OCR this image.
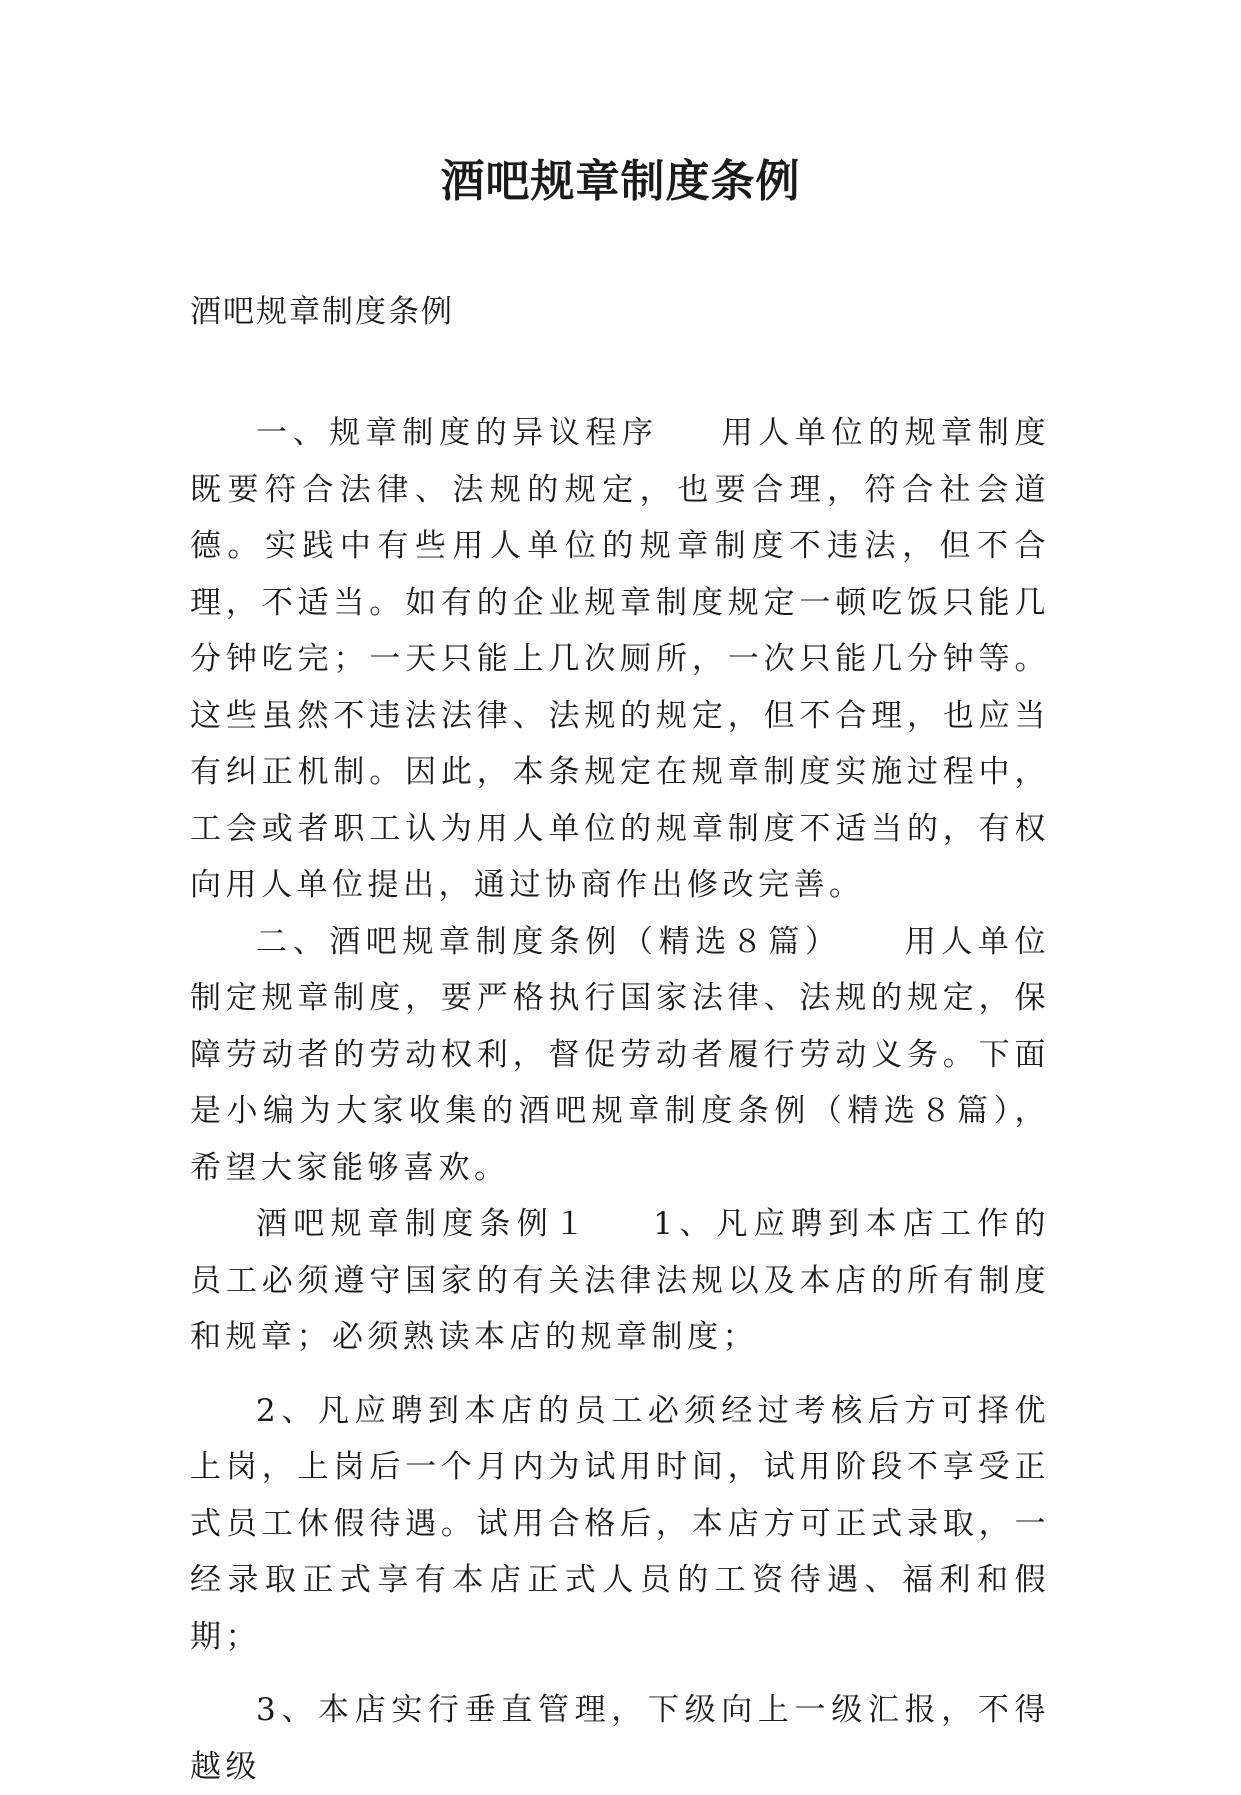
酒吧规章制度条例

酒吧规章制度条例

一、规章制度的异议程序 用人单位的规章制度既要符合法律、法规的规定，也要合理，符合社会道德。实践中有些用人单位的规章制度不违法，但不合理，不适当。如有的企业规章制度规定一顿吃饭只能几分钟吃完；一天只能上几次厕所，一次只能几分钟等。这些虽然不违法法律、法规的规定，但不合理，也应当有纠正机制。因此，本条规定在规章制度实施过程中，工会或者职工认为用人单位的规章制度不适当的，有权向用人单位提出，通过协商作出修改完善。

二、酒吧规章制度条例（精选８篇） 用人单位制定规章制度，要严格执行国家法律、法规的规定，保障劳动者的劳动权利，督促劳动者履行劳动义务。下面是小编为大家收集的酒吧规章制度条例（精选８篇），希望大家能够喜欢。

酒吧规章制度条例１ 1、凡应聘到本店工作的员工必须遵守国家的有关法律法规以及本店的所有制度和规章；必须熟读本店的规章制度；

2、凡应聘到本店的员工必须经过考核后方可择优上岗，上岗后一个月内为试用时间，试用阶段不享受正式员工休假待遇。试用合格后，本店方可正式录取，一经录取正式享有本店正式人员的工资待遇、福利和假期；

3、本店实行垂直管理，下级向上一级汇报，不得越级
